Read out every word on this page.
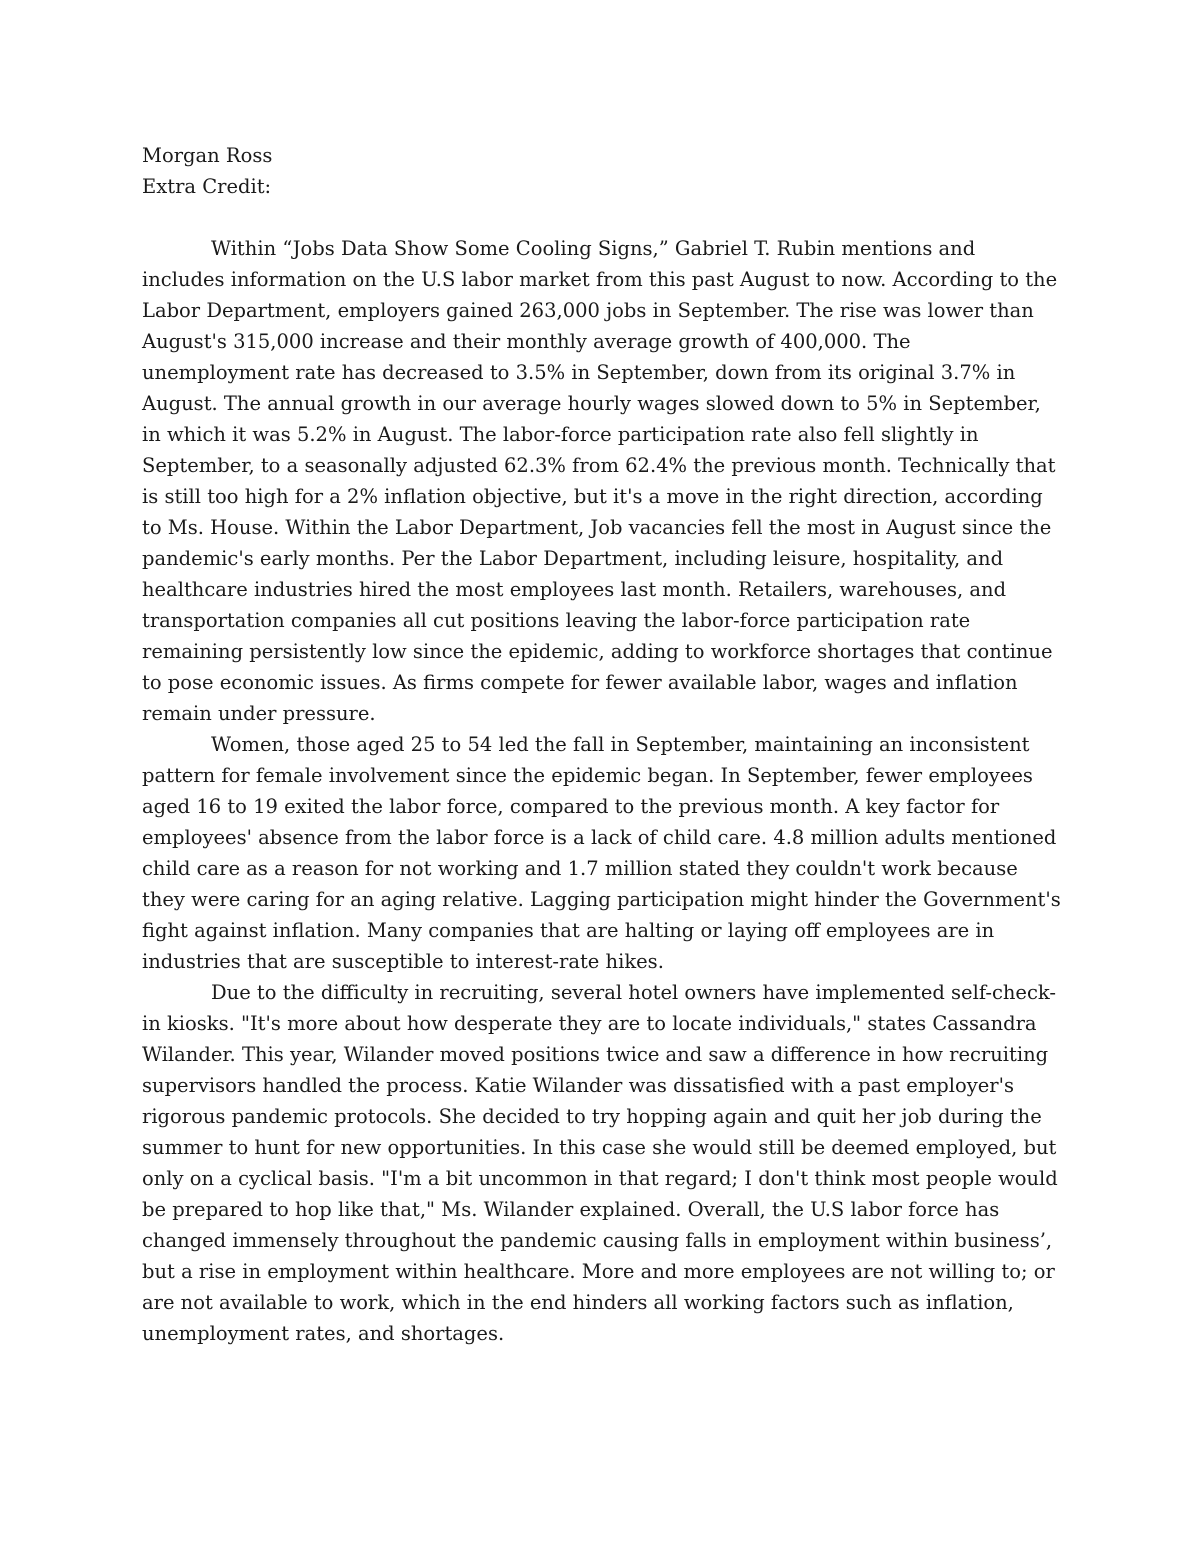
Morgan Ross
Extra Credit:

Within “Jobs Data Show Some Cooling Signs,” Gabriel T. Rubin mentions and includes information on the U.S labor market from this past August to now. According to the Labor Department, employers gained 263,000 jobs in September. The rise was lower than August's 315,000 increase and their monthly average growth of 400,000. The unemployment rate has decreased to 3.5% in September, down from its original 3.7% in August. The annual growth in our average hourly wages slowed down to 5% in September, in which it was 5.2% in August. The labor-force participation rate also fell slightly in September, to a seasonally adjusted 62.3% from 62.4% the previous month. Technically that is still too high for a 2% inflation objective, but it's a move in the right direction, according to Ms. House. Within the Labor Department, Job vacancies fell the most in August since the pandemic's early months. Per the Labor Department, including leisure, hospitality, and healthcare industries hired the most employees last month. Retailers, warehouses, and transportation companies all cut positions leaving the labor-force participation rate remaining persistently low since the epidemic, adding to workforce shortages that continue to pose economic issues. As firms compete for fewer available labor, wages and inflation remain under pressure.

Women, those aged 25 to 54 led the fall in September, maintaining an inconsistent pattern for female involvement since the epidemic began. In September, fewer employees aged 16 to 19 exited the labor force, compared to the previous month. A key factor for employees' absence from the labor force is a lack of child care. 4.8 million adults mentioned child care as a reason for not working and 1.7 million stated they couldn't work because they were caring for an aging relative. Lagging participation might hinder the Government's fight against inflation. Many companies that are halting or laying off employees are in industries that are susceptible to interest-rate hikes.

Due to the difficulty in recruiting, several hotel owners have implemented self-check-in kiosks. "It's more about how desperate they are to locate individuals," states Cassandra Wilander. This year, Wilander moved positions twice and saw a difference in how recruiting supervisors handled the process. Katie Wilander was dissatisfied with a past employer's rigorous pandemic protocols. She decided to try hopping again and quit her job during the summer to hunt for new opportunities. In this case she would still be deemed employed, but only on a cyclical basis. "I'm a bit uncommon in that regard; I don't think most people would be prepared to hop like that," Ms. Wilander explained. Overall, the U.S labor force has changed immensely throughout the pandemic causing falls in employment within business’, but a rise in employment within healthcare. More and more employees are not willing to; or are not available to work, which in the end hinders all working factors such as inflation, unemployment rates, and shortages.
